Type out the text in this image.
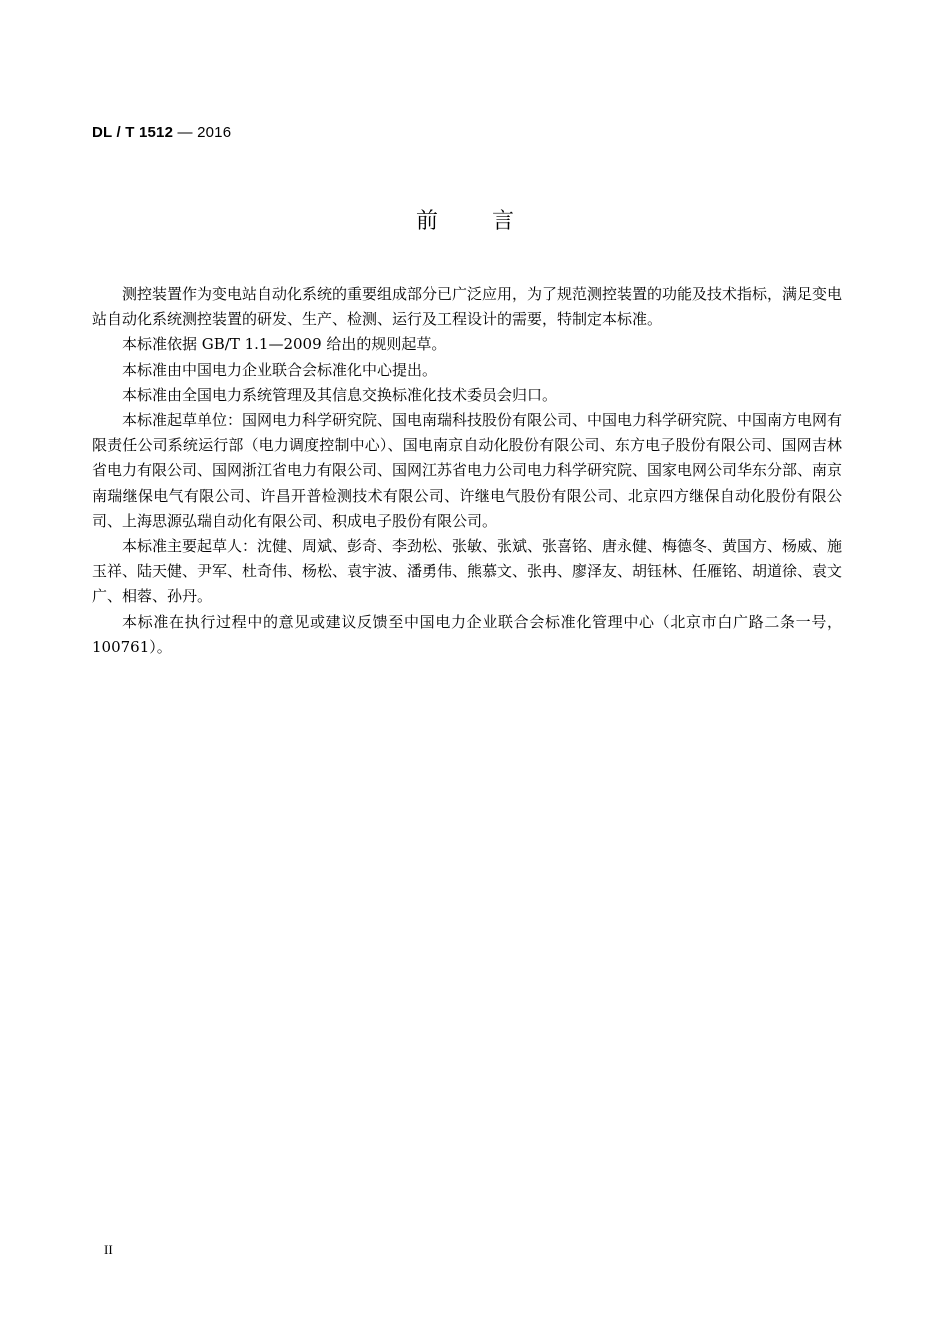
DL / T 1512 — 2016
前言

测控装置作为变电站自动化系统的重要组成部分已广泛应用，为了规范测控装置的功能及技术指标，满足变电站自动化系统测控装置的研发、生产、检测、运行及工程设计的需要，特制定本标准。

本标准依据 GB/T 1.1—2009 给出的规则起草。

本标准由中国电力企业联合会标准化中心提出。

本标准由全国电力系统管理及其信息交换标准化技术委员会归口。

本标准起草单位：国网电力科学研究院、国电南瑞科技股份有限公司、中国电力科学研究院、中国南方电网有限责任公司系统运行部（电力调度控制中心）、国电南京自动化股份有限公司、东方电子股份有限公司、国网吉林省电力有限公司、国网浙江省电力有限公司、国网江苏省电力公司电力科学研究院、国家电网公司华东分部、南京南瑞继保电气有限公司、许昌开普检测技术有限公司、许继电气股份有限公司、北京四方继保自动化股份有限公司、上海思源弘瑞自动化有限公司、积成电子股份有限公司。

本标准主要起草人：沈健、周斌、彭奇、李劲松、张敏、张斌、张喜铭、唐永健、梅德冬、黄国方、杨威、施玉祥、陆天健、尹军、杜奇伟、杨松、袁宇波、潘勇伟、熊慕文、张冉、廖泽友、胡钰林、任雁铭、胡道徐、袁文广、相蓉、孙丹。

本标准在执行过程中的意见或建议反馈至中国电力企业联合会标准化管理中心（北京市白广路二条一号，100761）。

II
